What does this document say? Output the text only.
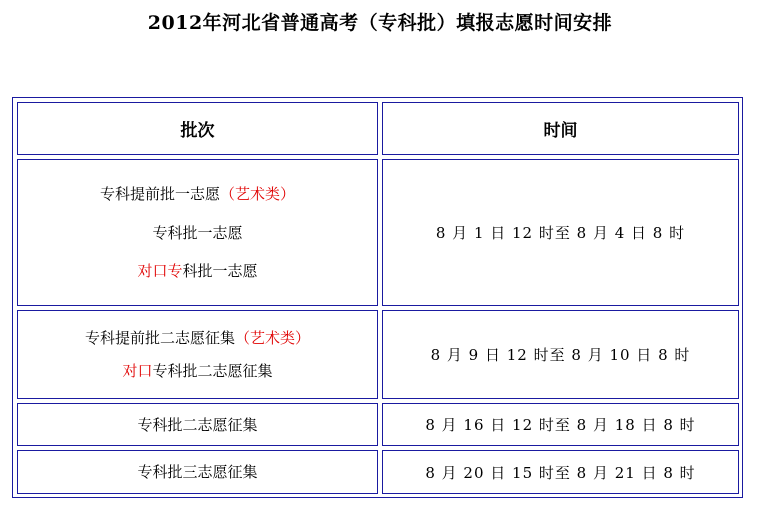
2012年河北省普通高考（专科批）填报志愿时间安排
批次	时间
专科提前批一志愿（艺术类）
专科批一志愿
对口专科批一志愿
8 月 1 日 12 时至 8 月 4 日 8 时
专科提前批二志愿征集（艺术类）
对口专科批二志愿征集
8 月 9 日 12 时至 8 月 10 日 8 时
专科批二志愿征集	8 月 16 日 12 时至 8 月 18 日 8 时
专科批三志愿征集	8 月 20 日 15 时至 8 月 21 日 8 时
